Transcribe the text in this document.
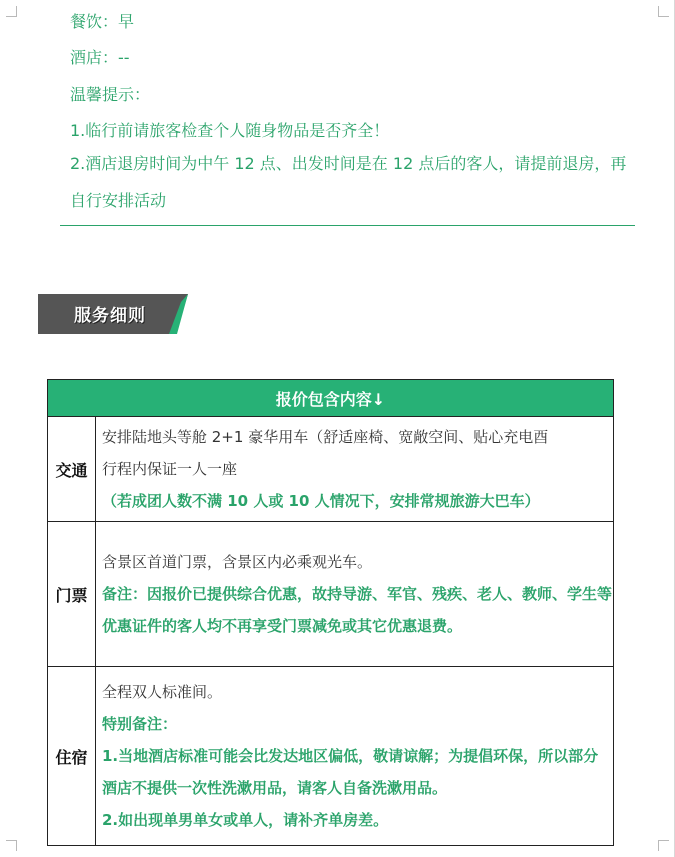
餐饮：早
酒店：--
温馨提示：
1.临行前请旅客检查个人随身物品是否齐全！
2.酒店退房时间为中午 12 点、出发时间是在 12 点后的客人，请提前退房，再自行安排活动
服务细则
报价包含内容↓	
交通	安排陆地头等舱 2+1 豪华用车（舒适座椅、宽敞空间、贴心充电酉
行程内保证一人一座
（若成团人数不满 10 人或 10 人情况下，安排常规旅游大巴车）

门票	含景区首道门票，含景区内必乘观光车。
备注：因报价已提供综合优惠，故持导游、军官、残疾、老人、教师、学生等优惠证件的客人均不再享受门票减免或其它优惠退费。

住宿	全程双人标准间。
特别备注：
1.当地酒店标准可能会比发达地区偏低，敬请谅解；为提倡环保，所以部分酒店不提供一次性洗漱用品，请客人自备洗漱用品。
2.如出现单男单女或单人，请补齐单房差。
